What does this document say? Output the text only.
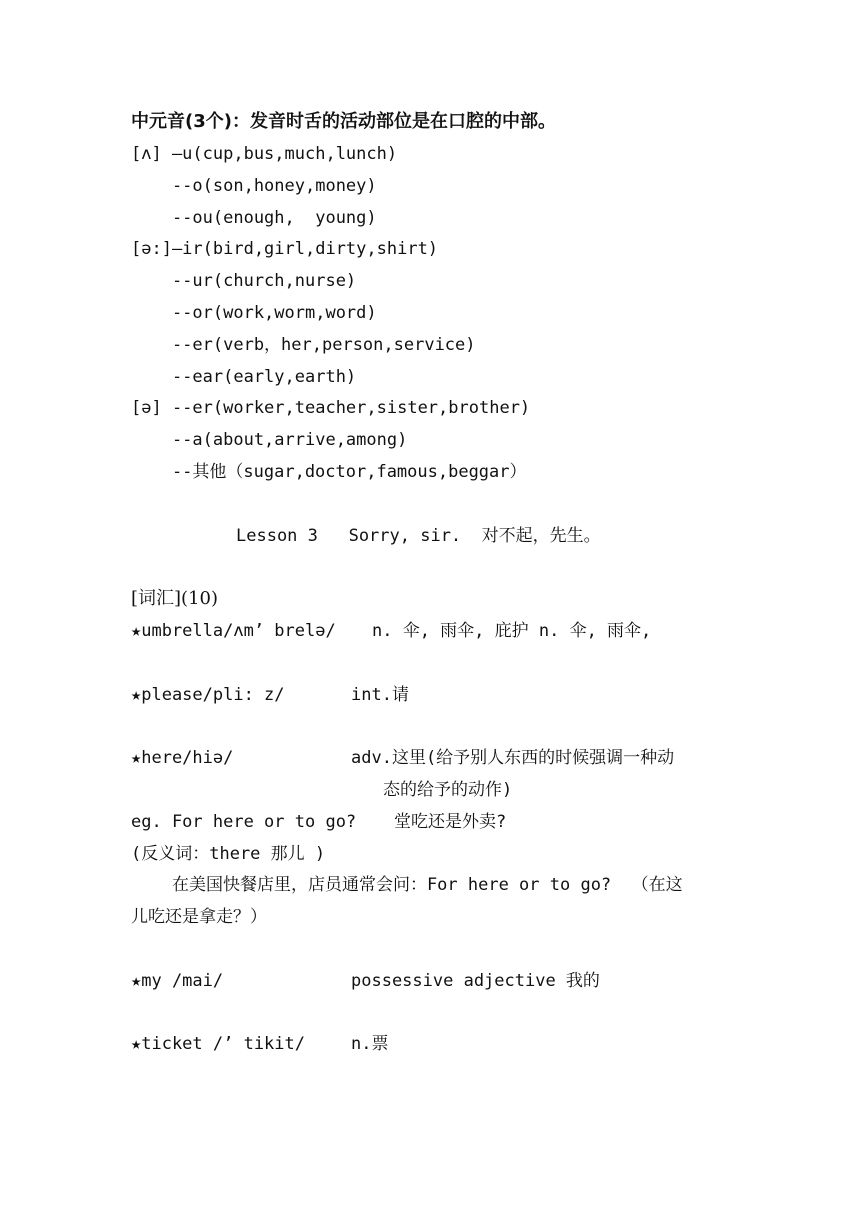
中元音(3个)：发音时舌的活动部位是在口腔的中部。
[ʌ] —u(cup,bus,much,lunch)
--o(son,honey,money)
--ou(enough,  young)
[ə:]—ir(bird,girl,dirty,shirt)
--ur(church,nurse)
--or(work,worm,word)
--er(verb，her,person,service)
--ear(early,earth)
[ə] --er(worker,teacher,sister,brother)
--a(about,arrive,among)
--其他（sugar,doctor,famous,beggar）
Lesson 3   Sorry, sir.  对不起，先生。
[词汇](10)
★umbrella/ʌm’ brelə/ n. 伞, 雨伞, 庇护 n. 伞, 雨伞,
★please/pli: z/	int.请
★here/hiə/	adv.这里(给予别人东西的时候强调一种动
态的给予的动作)
eg. For here or to go? 堂吃还是外卖?
(反义词：there 那儿 )
在美国快餐店里，店员通常会问：For here or to go?  （在这
儿吃还是拿走？）
★my /mai/	possessive adjective 我的
★ticket /’ tikit/	n.票
